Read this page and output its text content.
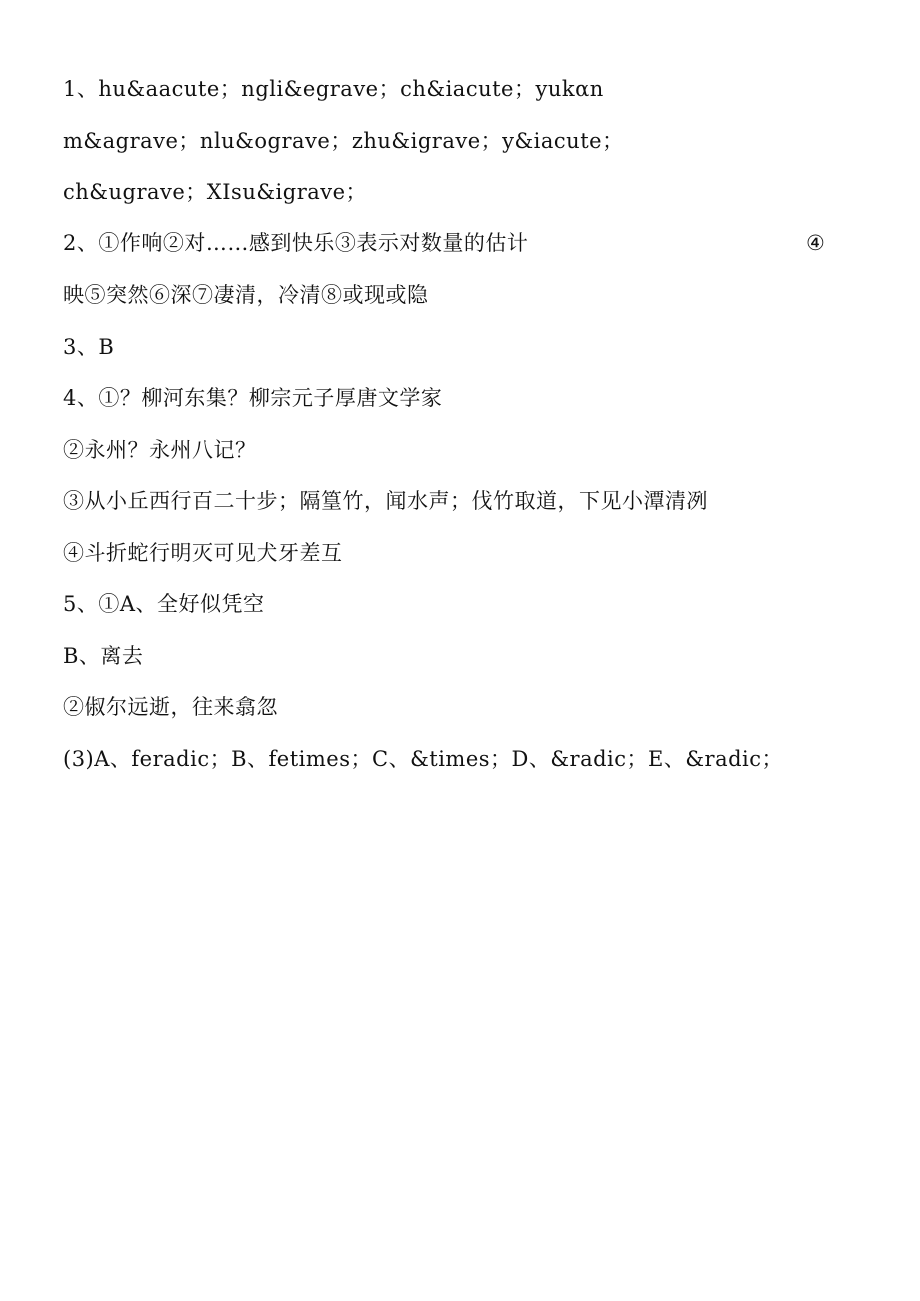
1、hu&aacute；ngli&egrave；ch&iacute；yukαn
m&agrave；nlu&ograve；zhu&igrave；y&iacute；
ch&ugrave；XIsu&igrave；
2、①作响②对……感到快乐③表示对数量的估计	④
映⑤突然⑥深⑦凄清，冷清⑧或现或隐
3、B
4、①？柳河东集？柳宗元子厚唐文学家
②永州？永州八记？
③从小丘西行百二十步；隔篁竹，闻水声；伐竹取道，下见小潭清冽
④斗折蛇行明灭可见犬牙差互
5、①A、全好似凭空
B、离去
②俶尔远逝，往来翕忽
(3)A、feradic；B、fetimes；C、&times；D、&radic；E、&radic；
